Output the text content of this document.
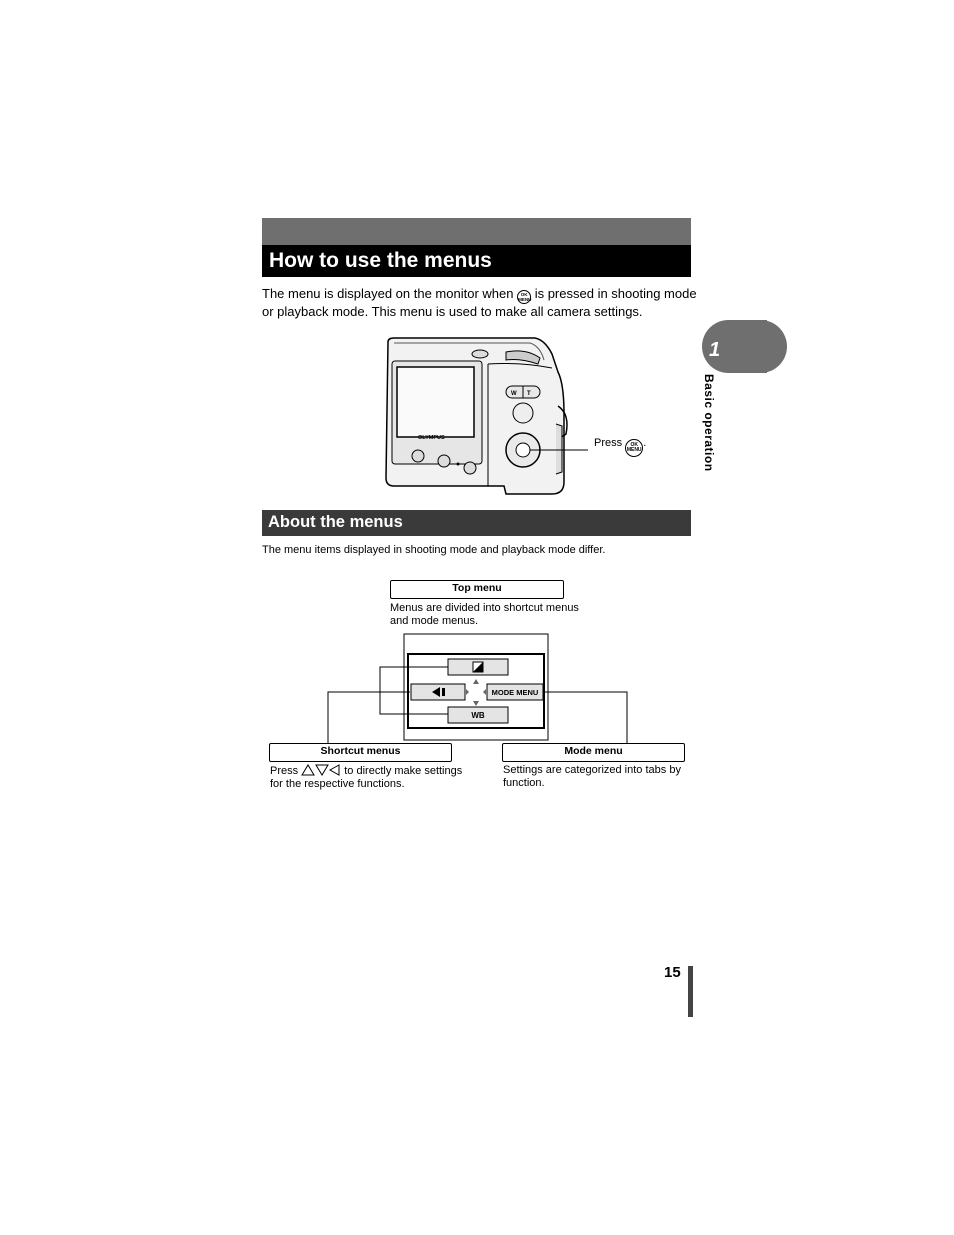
How to use the menus
The menu is displayed on the monitor when OK
MENU is pressed in shooting mode or playback mode. This menu is used to make all camera settings.
1
Basic operation
OLYMPUS
W T
Press OK
MENU.
About the menus
The menu items displayed in shooting mode and playback mode differ.
Top menu
Menus are divided into shortcut menus
and mode menus.
WB
MODE MENU
Shortcut menus
Press	to directly make settings
for the respective functions.
Mode menu
Settings are categorized into tabs by
function.
15
